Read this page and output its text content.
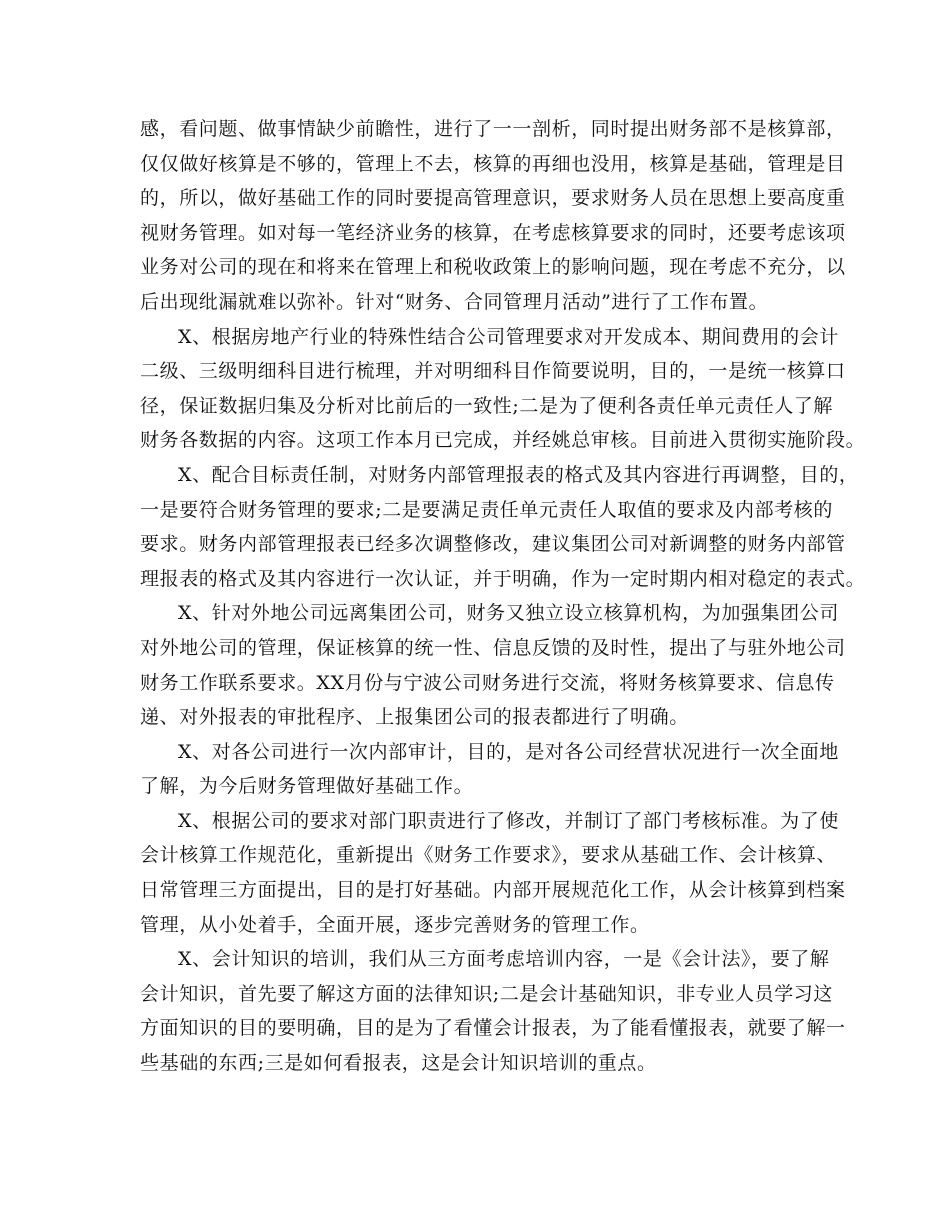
感，看问题、做事情缺少前瞻性，进行了一一剖析，同时提出财务部不是核算部，
仅仅做好核算是不够的，管理上不去，核算的再细也没用，核算是基础，管理是目
的，所以，做好基础工作的同时要提高管理意识，要求财务人员在思想上要高度重
视财务管理。如对每一笔经济业务的核算，在考虑核算要求的同时，还要考虑该项
业务对公司的现在和将来在管理上和税收政策上的影响问题，现在考虑不充分，以
后出现纰漏就难以弥补。针对“财务、合同管理月活动”进行了工作布置。
X、根据房地产行业的特殊性结合公司管理要求对开发成本、期间费用的会计
二级、三级明细科目进行梳理，并对明细科目作简要说明，目的，一是统一核算口
径，保证数据归集及分析对比前后的一致性;二是为了便利各责任单元责任人了解
财务各数据的内容。这项工作本月已完成，并经姚总审核。目前进入贯彻实施阶段。
X、配合目标责任制，对财务内部管理报表的格式及其内容进行再调整，目的，
一是要符合财务管理的要求;二是要满足责任单元责任人取值的要求及内部考核的
要求。财务内部管理报表已经多次调整修改，建议集团公司对新调整的财务内部管
理报表的格式及其内容进行一次认证，并于明确，作为一定时期内相对稳定的表式。
X、针对外地公司远离集团公司，财务又独立设立核算机构，为加强集团公司
对外地公司的管理，保证核算的统一性、信息反馈的及时性，提出了与驻外地公司
财务工作联系要求。XX月份与宁波公司财务进行交流，将财务核算要求、信息传
递、对外报表的审批程序、上报集团公司的报表都进行了明确。
X、对各公司进行一次内部审计，目的，是对各公司经营状况进行一次全面地
了解，为今后财务管理做好基础工作。
X、根据公司的要求对部门职责进行了修改，并制订了部门考核标准。为了使
会计核算工作规范化，重新提出《财务工作要求》，要求从基础工作、会计核算、
日常管理三方面提出，目的是打好基础。内部开展规范化工作，从会计核算到档案
管理，从小处着手，全面开展，逐步完善财务的管理工作。
X、会计知识的培训，我们从三方面考虑培训内容，一是《会计法》，要了解
会计知识，首先要了解这方面的法律知识;二是会计基础知识，非专业人员学习这
方面知识的目的要明确，目的是为了看懂会计报表，为了能看懂报表，就要了解一
些基础的东西;三是如何看报表，这是会计知识培训的重点。
